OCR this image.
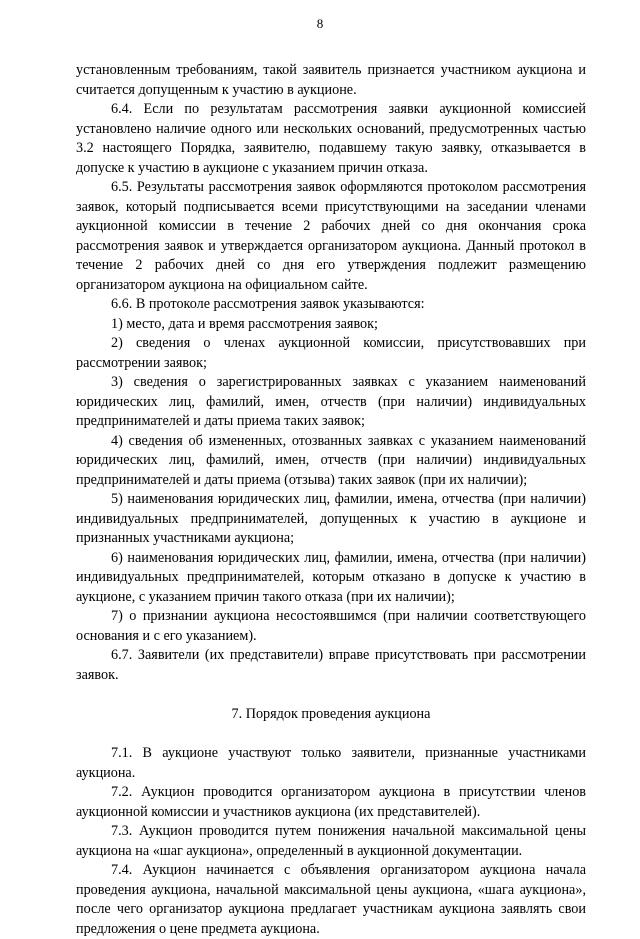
8

установленным требованиям, такой заявитель признается участником аукциона и считается допущенным к участию в аукционе.

6.4. Если по результатам рассмотрения заявки аукционной комиссией установлено наличие одного или нескольких оснований, предусмотренных частью 3.2 настоящего Порядка, заявителю, подавшему такую заявку, отказывается в допуске к участию в аукционе с указанием причин отказа.

6.5. Результаты рассмотрения заявок оформляются протоколом рассмотрения заявок, который подписывается всеми присутствующими на заседании членами аукционной комиссии в течение 2 рабочих дней со дня окончания срока рассмотрения заявок и утверждается организатором аукциона. Данный протокол в течение 2 рабочих дней со дня его утверждения подлежит размещению организатором аукциона на официальном сайте.

6.6. В протоколе рассмотрения заявок указываются:

1) место, дата и время рассмотрения заявок;

2) сведения о членах аукционной комиссии, присутствовавших при рассмотрении заявок;

3) сведения о зарегистрированных заявках с указанием наименований юридических лиц, фамилий, имен, отчеств (при наличии) индивидуальных предпринимателей и даты приема таких заявок;

4) сведения об измененных, отозванных заявках с указанием наименований юридических лиц, фамилий, имен, отчеств (при наличии) индивидуальных предпринимателей и даты приема (отзыва) таких заявок (при их наличии);

5) наименования юридических лиц, фамилии, имена, отчества (при наличии) индивидуальных предпринимателей, допущенных к участию в аукционе и признанных участниками аукциона;

6) наименования юридических лиц, фамилии, имена, отчества (при наличии) индивидуальных предпринимателей, которым отказано в допуске к участию в аукционе, с указанием причин такого отказа (при их наличии);

7) о признании аукциона несостоявшимся (при наличии соответствующего основания и с его указанием).

6.7. Заявители (их представители) вправе присутствовать при рассмотрении заявок.

7. Порядок проведения аукциона

7.1. В аукционе участвуют только заявители, признанные участниками аукциона.

7.2. Аукцион проводится организатором аукциона в присутствии членов аукционной комиссии и участников аукциона (их представителей).

7.3. Аукцион проводится путем понижения начальной максимальной цены аукциона на «шаг аукциона», определенный в аукционной документации.

7.4. Аукцион начинается с объявления организатором аукциона начала проведения аукциона, начальной максимальной цены аукциона, «шага аукциона», после чего организатор аукциона предлагает участникам аукциона заявлять свои предложения о цене предмета аукциона.
